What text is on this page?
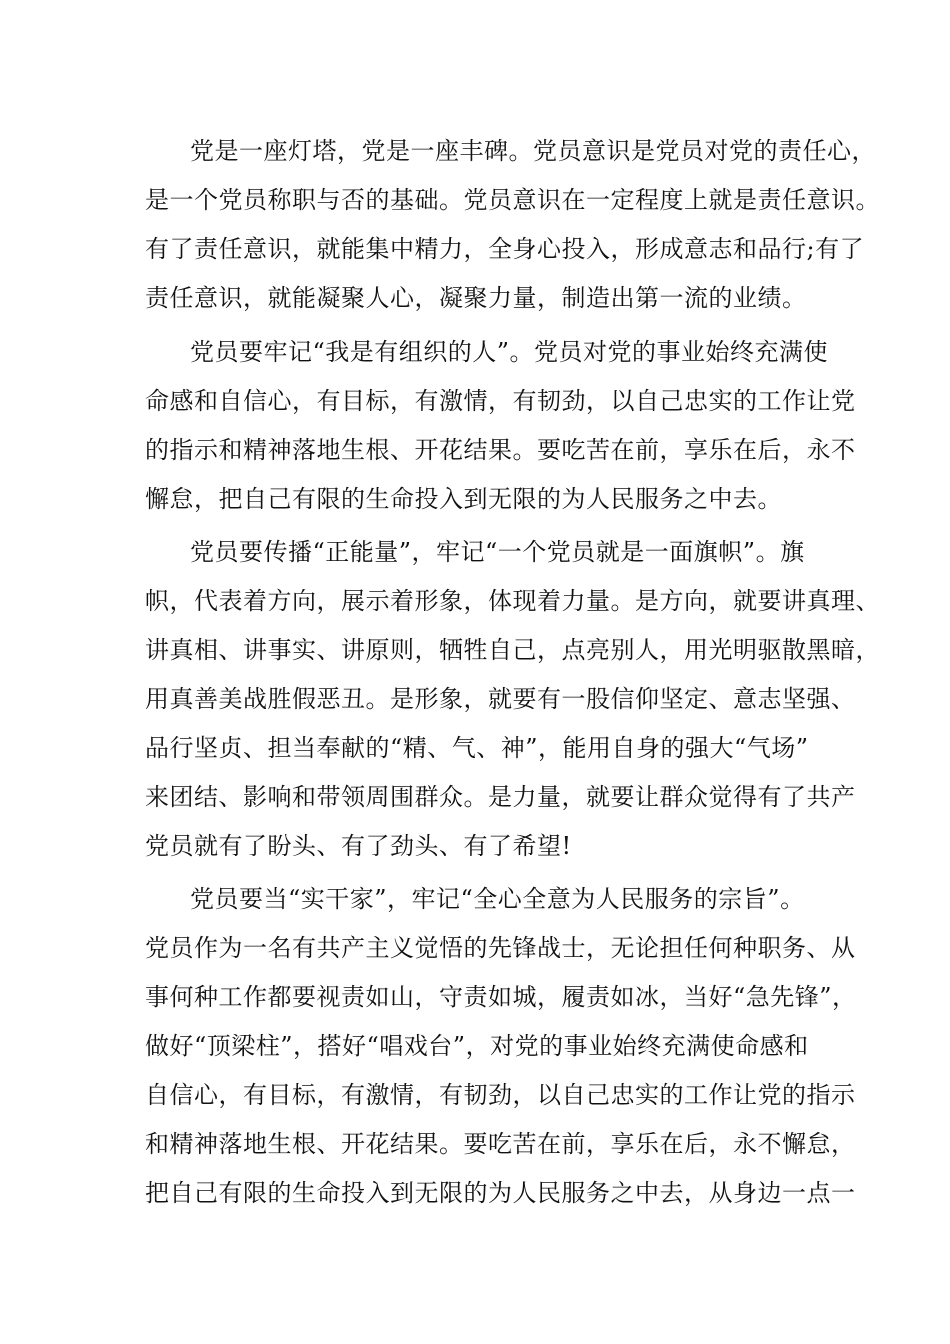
党是一座灯塔，党是一座丰碑。党员意识是党员对党的责任心，
是一个党员称职与否的基础。党员意识在一定程度上就是责任意识。
有了责任意识，就能集中精力，全身心投入，形成意志和品行;有了
责任意识，就能凝聚人心，凝聚力量，制造出第一流的业绩。
党员要牢记“我是有组织的人”。党员对党的事业始终充满使
命感和自信心，有目标，有激情，有韧劲，以自己忠实的工作让党
的指示和精神落地生根、开花结果。要吃苦在前，享乐在后，永不
懈怠，把自己有限的生命投入到无限的为人民服务之中去。
党员要传播“正能量”，牢记“一个党员就是一面旗帜”。旗
帜，代表着方向，展示着形象，体现着力量。是方向，就要讲真理、
讲真相、讲事实、讲原则，牺牲自己，点亮别人，用光明驱散黑暗，
用真善美战胜假恶丑。是形象，就要有一股信仰坚定、意志坚强、
品行坚贞、担当奉献的“精、气、神”，能用自身的强大“气场”
来团结、影响和带领周围群众。是力量，就要让群众觉得有了共产
党员就有了盼头、有了劲头、有了希望!
党员要当“实干家”，牢记“全心全意为人民服务的宗旨”。
党员作为一名有共产主义觉悟的先锋战士，无论担任何种职务、从
事何种工作都要视责如山，守责如城，履责如冰，当好“急先锋”，
做好“顶梁柱”，搭好“唱戏台”，对党的事业始终充满使命感和
自信心，有目标，有激情，有韧劲，以自己忠实的工作让党的指示
和精神落地生根、开花结果。要吃苦在前，享乐在后，永不懈怠，
把自己有限的生命投入到无限的为人民服务之中去，从身边一点一
